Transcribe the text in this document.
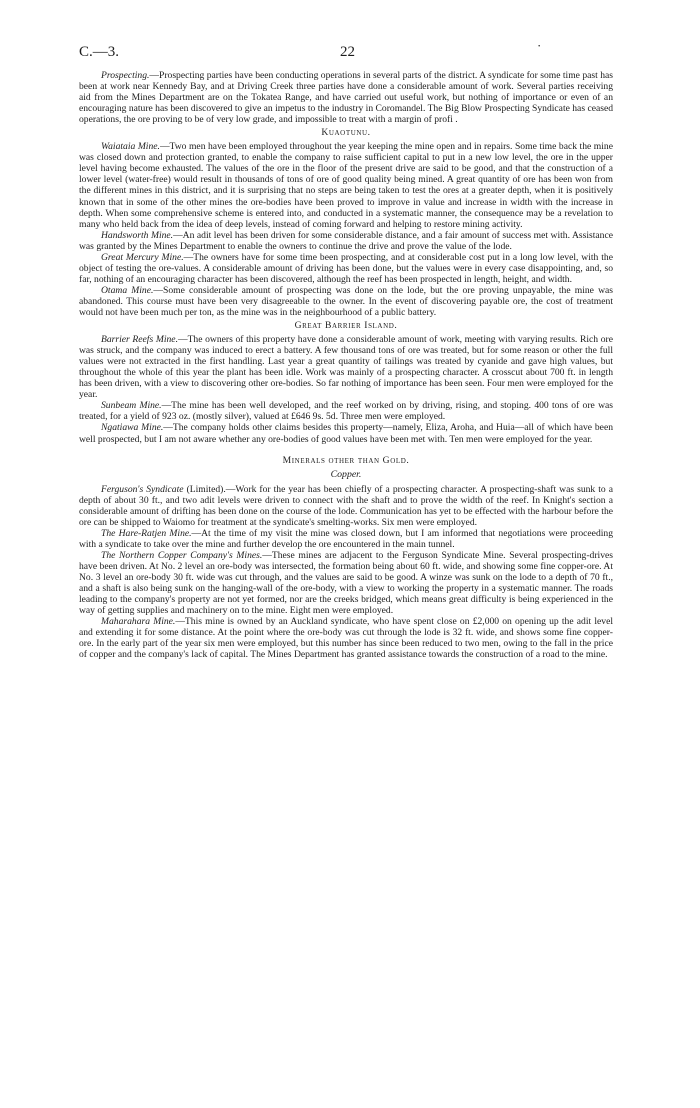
C.—3.	22	·

Prospecting.—Prospecting parties have been conducting operations in several parts of the district. A syndicate for some time past has been at work near Kennedy Bay, and at Driving Creek three parties have done a considerable amount of work. Several parties receiving aid from the Mines Department are on the Tokatea Range, and have carried out useful work, but nothing of importance or even of an encouraging nature has been discovered to give an impetus to the industry in Coromandel. The Big Blow Prospecting Syndicate has ceased operations, the ore proving to be of very low grade, and impossible to treat with a margin of profi .

Kuaotunu.

Waiataia Mine.—Two men have been employed throughout the year keeping the mine open and in repairs. Some time back the mine was closed down and protection granted, to enable the company to raise sufficient capital to put in a new low level, the ore in the upper level having become exhausted. The values of the ore in the floor of the present drive are said to be good, and that the construction of a lower level (water-free) would result in thousands of tons of ore of good quality being mined. A great quantity of ore has been won from the different mines in this district, and it is surprising that no steps are being taken to test the ores at a greater depth, when it is positively known that in some of the other mines the ore-bodies have been proved to improve in value and increase in width with the increase in depth. When some comprehensive scheme is entered into, and conducted in a systematic manner, the consequence may be a revelation to many who held back from the idea of deep levels, instead of coming forward and helping to restore mining activity.

Handsworth Mine.—An adit level has been driven for some considerable distance, and a fair amount of success met with. Assistance was granted by the Mines Department to enable the owners to continue the drive and prove the value of the lode.

Great Mercury Mine.—The owners have for some time been prospecting, and at considerable cost put in a long low level, with the object of testing the ore-values. A considerable amount of driving has been done, but the values were in every case disappointing, and, so far, nothing of an encouraging character has been discovered, although the reef has been prospected in length, height, and width.

Otama Mine.—Some considerable amount of prospecting was done on the lode, but the ore proving unpayable, the mine was abandoned. This course must have been very disagreeable to the owner. In the event of discovering payable ore, the cost of treatment would not have been much per ton, as the mine was in the neighbourhood of a public battery.

Great Barrier Island.

Barrier Reefs Mine.—The owners of this property have done a considerable amount of work, meeting with varying results. Rich ore was struck, and the company was induced to erect a battery. A few thousand tons of ore was treated, but for some reason or other the full values were not extracted in the first handling. Last year a great quantity of tailings was treated by cyanide and gave high values, but throughout the whole of this year the plant has been idle. Work was mainly of a prospecting character. A crosscut about 700 ft. in length has been driven, with a view to discovering other ore-bodies. So far nothing of importance has been seen. Four men were employed for the year.

Sunbeam Mine.—The mine has been well developed, and the reef worked on by driving, rising, and stoping. 400 tons of ore was treated, for a yield of 923 oz. (mostly silver), valued at £646 9s. 5d. Three men were employed.

Ngatiawa Mine.—The company holds other claims besides this property—namely, Eliza, Aroha, and Huia—all of which have been well prospected, but I am not aware whether any ore-bodies of good values have been met with. Ten men were employed for the year.

Minerals other than Gold.
Copper.

Ferguson's Syndicate (Limited).—Work for the year has been chiefly of a prospecting character. A prospecting-shaft was sunk to a depth of about 30 ft., and two adit levels were driven to connect with the shaft and to prove the width of the reef. In Knight's section a considerable amount of drifting has been done on the course of the lode. Communication has yet to be effected with the harbour before the ore can be shipped to Waiomo for treatment at the syndicate's smelting-works. Six men were employed.

The Hare-Ratjen Mine.—At the time of my visit the mine was closed down, but I am informed that negotiations were proceeding with a syndicate to take over the mine and further develop the ore encountered in the main tunnel.

The Northern Copper Company's Mines.—These mines are adjacent to the Ferguson Syndicate Mine. Several prospecting-drives have been driven. At No. 2 level an ore-body was intersected, the formation being about 60 ft. wide, and showing some fine copper-ore. At No. 3 level an ore-body 30 ft. wide was cut through, and the values are said to be good. A winze was sunk on the lode to a depth of 70 ft., and a shaft is also being sunk on the hanging-wall of the ore-body, with a view to working the property in a systematic manner. The roads leading to the company's property are not yet formed, nor are the creeks bridged, which means great difficulty is being experienced in the way of getting supplies and machinery on to the mine. Eight men were employed.

Maharahara Mine.—This mine is owned by an Auckland syndicate, who have spent close on £2,000 on opening up the adit level and extending it for some distance. At the point where the ore-body was cut through the lode is 32 ft. wide, and shows some fine copper-ore. In the early part of the year six men were employed, but this number has since been reduced to two men, owing to the fall in the price of copper and the company's lack of capital. The Mines Department has granted assistance towards the construction of a road to the mine.
